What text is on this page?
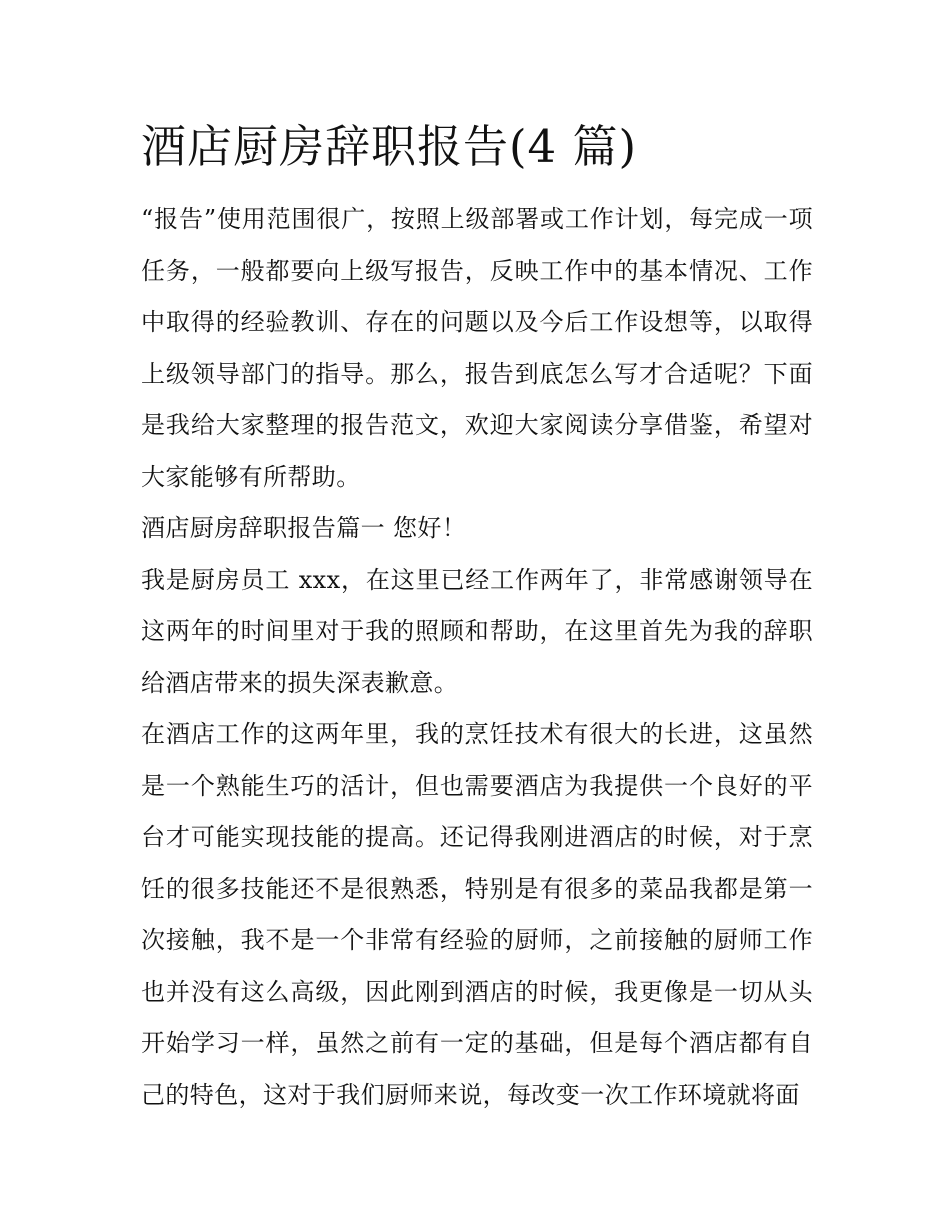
酒店厨房辞职报告(4 篇)

“报告”使用范围很广，按照上级部署或工作计划，每完成一项任务，一般都要向上级写报告，反映工作中的基本情况、工作中取得的经验教训、存在的问题以及今后工作设想等，以取得上级领导部门的指导。那么，报告到底怎么写才合适呢？下面是我给大家整理的报告范文，欢迎大家阅读分享借鉴，希望对大家能够有所帮助。

酒店厨房辞职报告篇一 您好！

我是厨房员工 xxx，在这里已经工作两年了，非常感谢领导在这两年的时间里对于我的照顾和帮助，在这里首先为我的辞职给酒店带来的损失深表歉意。

在酒店工作的这两年里，我的烹饪技术有很大的长进，这虽然是一个熟能生巧的活计，但也需要酒店为我提供一个良好的平台才可能实现技能的提高。还记得我刚进酒店的时候，对于烹饪的很多技能还不是很熟悉，特别是有很多的菜品我都是第一次接触，我不是一个非常有经验的厨师，之前接触的厨师工作也并没有这么高级，因此刚到酒店的时候，我更像是一切从头开始学习一样，虽然之前有一定的基础，但是每个酒店都有自己的特色，这对于我们厨师来说，每改变一次工作环境就将面
